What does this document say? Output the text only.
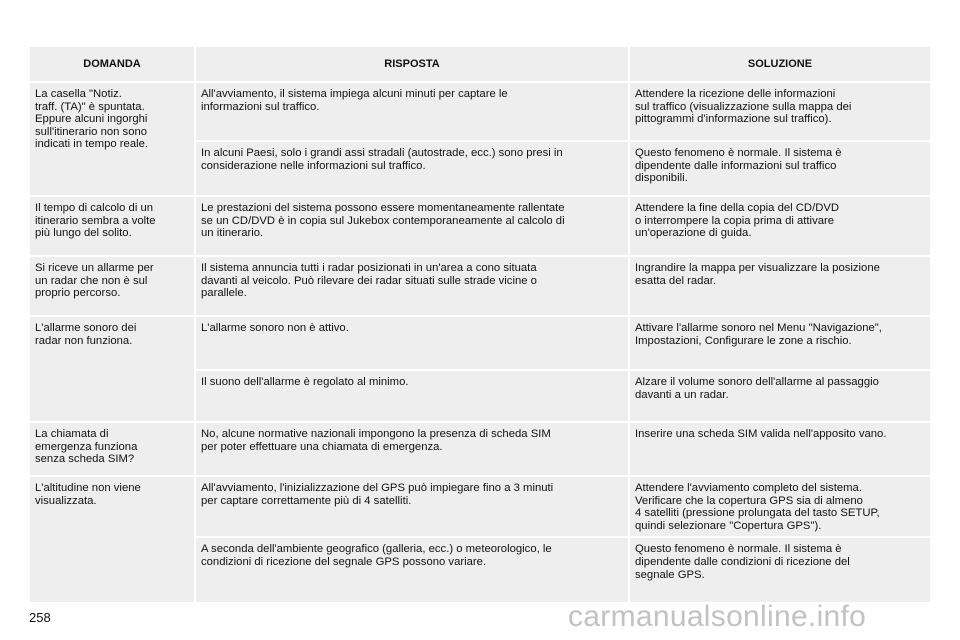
DOMANDA	RISPOSTA	SOLUZIONE
La casella "Notiz.
traff. (TA)" è spuntata.
Eppure alcuni ingorghi
sull'itinerario non sono
indicati in tempo reale.	All'avviamento, il sistema impiega alcuni minuti per captare le
informazioni sul traffico.	Attendere la ricezione delle informazioni
sul traffico (visualizzazione sulla mappa dei
pittogrammi d'informazione sul traffico).
	In alcuni Paesi, solo i grandi assi stradali (autostrade, ecc.) sono presi in
considerazione nelle informazioni sul traffico.	Questo fenomeno è normale. Il sistema è
dipendente dalle informazioni sul traffico
disponibili.
Il tempo di calcolo di un
itinerario sembra a volte
più lungo del solito.	Le prestazioni del sistema possono essere momentaneamente rallentate
se un CD/DVD è in copia sul Jukebox contemporaneamente al calcolo di
un itinerario.	Attendere la fine della copia del CD/DVD
o interrompere la copia prima di attivare
un'operazione di guida.
Si riceve un allarme per
un radar che non è sul
proprio percorso.	Il sistema annuncia tutti i radar posizionati in un'area a cono situata
davanti al veicolo. Può rilevare dei radar situati sulle strade vicine o
parallele.	Ingrandire la mappa per visualizzare la posizione
esatta del radar.
L'allarme sonoro dei
radar non funziona.	L'allarme sonoro non è attivo.	Attivare l'allarme sonoro nel Menu "Navigazione",
Impostazioni, Configurare le zone a rischio.
	Il suono dell'allarme è regolato al minimo.	Alzare il volume sonoro dell'allarme al passaggio
davanti a un radar.
La chiamata di
emergenza funziona
senza scheda SIM?	No, alcune normative nazionali impongono la presenza di scheda SIM
per poter effettuare una chiamata di emergenza.	Inserire una scheda SIM valida nell'apposito vano.
L'altitudine non viene
visualizzata.	All'avviamento, l'inizializzazione del GPS può impiegare fino a 3 minuti
per captare correttamente più di 4 satelliti.	Attendere l'avviamento completo del sistema.
Verificare che la copertura GPS sia di almeno
4 satelliti (pressione prolungata del tasto SETUP,
quindi selezionare "Copertura GPS").
	A seconda dell'ambiente geografico (galleria, ecc.) o meteorologico, le
condizioni di ricezione del segnale GPS possono variare.	Questo fenomeno è normale. Il sistema è
dipendente dalle condizioni di ricezione del
segnale GPS.
258	carmanualsonline.info
